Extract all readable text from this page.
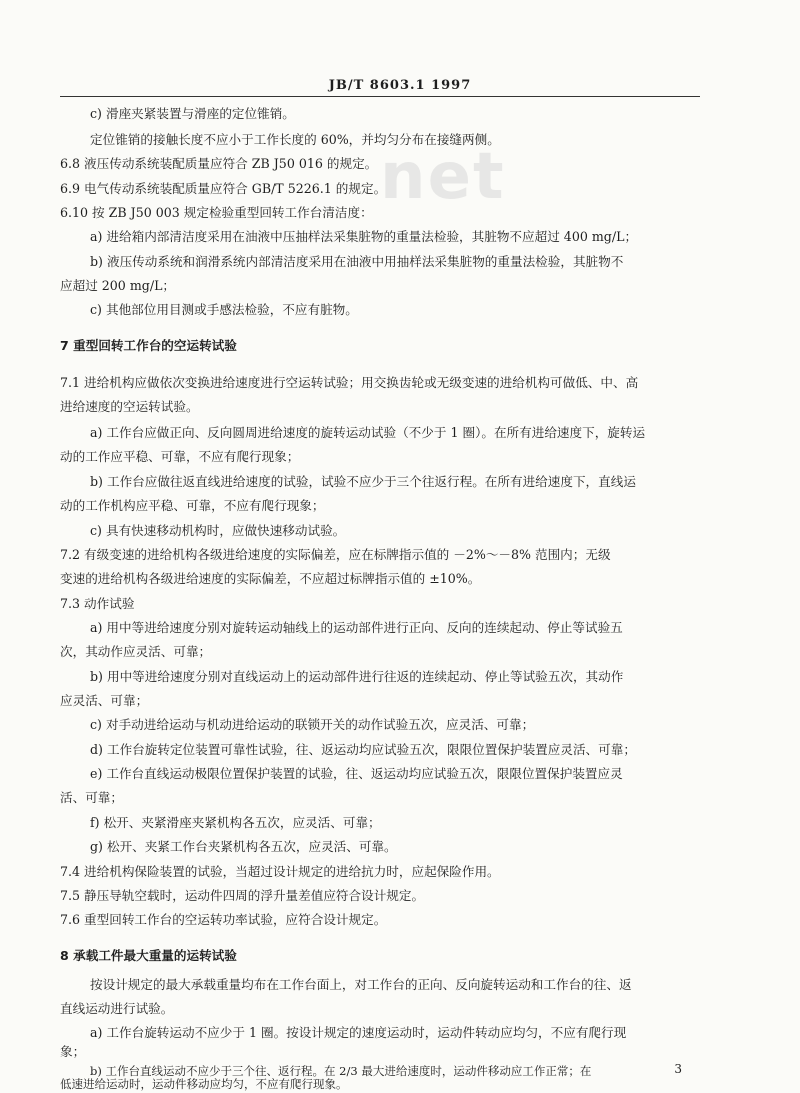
JB/T 8603.1 1997
net
c) 滑座夹紧装置与滑座的定位锥销。
定位锥销的接触长度不应小于工作长度的 60%，并均匀分布在接缝两侧。
6.8 液压传动系统装配质量应符合 ZB J50 016 的规定。
6.9 电气传动系统装配质量应符合 GB/T 5226.1 的规定。
6.10 按 ZB J50 003 规定检验重型回转工作台清洁度：
a) 进给箱内部清洁度采用在油液中压抽样法采集脏物的重量法检验，其脏物不应超过 400 mg/L；
b) 液压传动系统和润滑系统内部清洁度采用在油液中用抽样法采集脏物的重量法检验，其脏物不
应超过 200 mg/L；
c) 其他部位用目测或手感法检验，不应有脏物。
7 重型回转工作台的空运转试验
7.1 进给机构应做依次变换进给速度进行空运转试验；用交换齿轮或无级变速的进给机构可做低、中、高
进给速度的空运转试验。
a) 工作台应做正向、反向圆周进给速度的旋转运动试验（不少于 1 圈）。在所有进给速度下，旋转运
动的工作应平稳、可靠，不应有爬行现象；
b) 工作台应做往返直线进给速度的试验，试验不应少于三个往返行程。在所有进给速度下，直线运
动的工作机构应平稳、可靠，不应有爬行现象；
c) 具有快速移动机构时，应做快速移动试验。
7.2 有级变速的进给机构各级进给速度的实际偏差，应在标牌指示值的 －2%～－8% 范围内；无级
变速的进给机构各级进给速度的实际偏差，不应超过标牌指示值的 ±10%。
7.3 动作试验
a) 用中等进给速度分别对旋转运动轴线上的运动部件进行正向、反向的连续起动、停止等试验五
次，其动作应灵活、可靠；
b) 用中等进给速度分别对直线运动上的运动部件进行往返的连续起动、停止等试验五次，其动作
应灵活、可靠；
c) 对手动进给运动与机动进给运动的联锁开关的动作试验五次，应灵活、可靠；
d) 工作台旋转定位装置可靠性试验，往、返运动均应试验五次，限限位置保护装置应灵活、可靠；
e) 工作台直线运动极限位置保护装置的试验，往、返运动均应试验五次，限限位置保护装置应灵
活、可靠；
f) 松开、夹紧滑座夹紧机构各五次，应灵活、可靠；
g) 松开、夹紧工作台夹紧机构各五次，应灵活、可靠。
7.4 进给机构保险装置的试验，当超过设计规定的进给抗力时，应起保险作用。
7.5 静压导轨空载时，运动件四周的浮升量差值应符合设计规定。
7.6 重型回转工作台的空运转功率试验，应符合设计规定。
8 承载工件最大重量的运转试验
按设计规定的最大承载重量均布在工作台面上，对工作台的正向、反向旋转运动和工作台的往、返
直线运动进行试验。
a) 工作台旋转运动不应少于 1 圈。按设计规定的速度运动时，运动件转动应均匀，不应有爬行现
象；
b) 工作台直线运动不应少于三个往、返行程。在 2/3 最大进给速度时，运动件移动应工作正常；在
低速进给运动时，运动件移动应均匀，不应有爬行现象。
3
